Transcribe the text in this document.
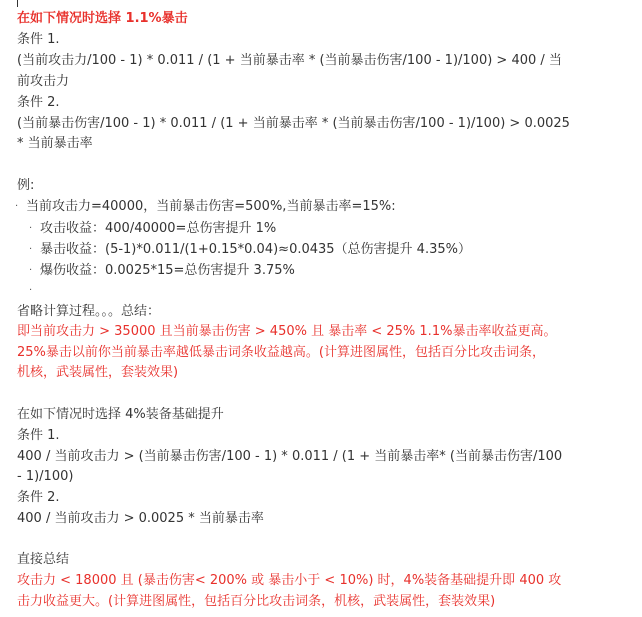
在如下情况时选择 1.1%暴击
条件 1.
(当前攻击力/100 - 1) * 0.011 / (1 + 当前暴击率 * (当前暴击伤害/100 - 1)/100) > 400 / 当
前攻击力
条件 2.
(当前暴击伤害/100 - 1) * 0.011 / (1 + 当前暴击率 * (当前暴击伤害/100 - 1)/100) > 0.0025
* 当前暴击率
例:
· 当前攻击力=40000，当前暴击伤害=500%,当前暴击率=15%:
· 攻击收益：400/40000=总伤害提升 1%
· 暴击收益：(5-1)*0.011/(1+0.15*0.04)≈0.0435（总伤害提升 4.35%）
· 爆伤收益：0.0025*15=总伤害提升 3.75%
·
省略计算过程。。。总结：
即当前攻击力 > 35000 且当前暴击伤害 > 450% 且 暴击率 < 25% 1.1%暴击率收益更高。
25%暴击以前你当前暴击率越低暴击词条收益越高。(计算进图属性，包括百分比攻击词条，
机核，武装属性，套装效果)
在如下情况时选择 4%装备基础提升
条件 1.
400 / 当前攻击力 > (当前暴击伤害/100 - 1) * 0.011 / (1 + 当前暴击率* (当前暴击伤害/100
- 1)/100)
条件 2.
400 / 当前攻击力 > 0.0025 * 当前暴击率
直接总结
攻击力 < 18000 且 (暴击伤害< 200% 或 暴击小于 < 10%) 时，4%装备基础提升即 400 攻
击力收益更大。(计算进图属性，包括百分比攻击词条，机核，武装属性，套装效果)
